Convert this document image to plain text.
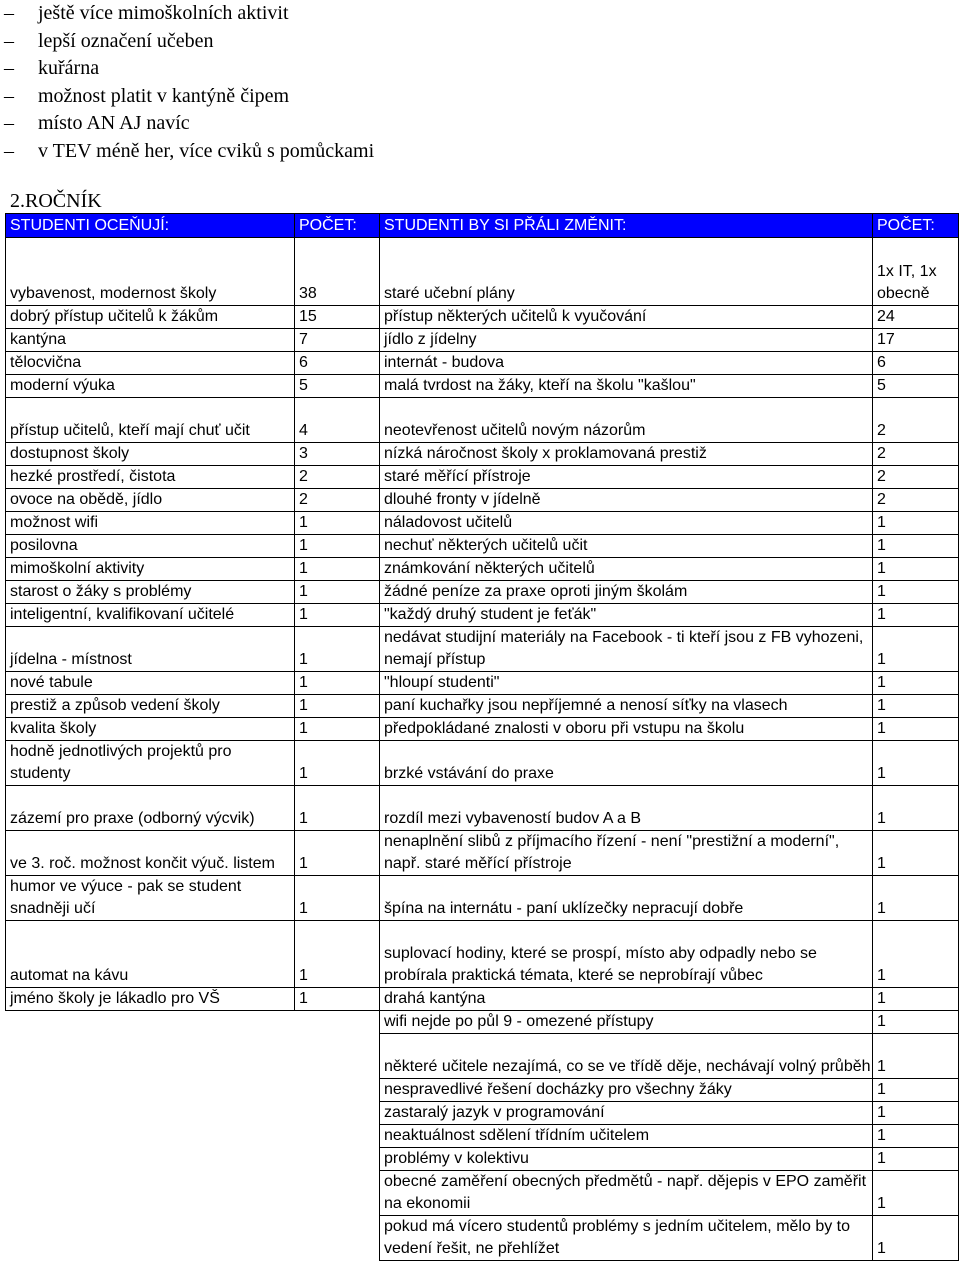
– ještě více mimoškolních aktivit
– lepší označení učeben
– kuřárna
– možnost platit v kantýně čipem
– místo AN AJ navíc
– v TEV méně her, více cviků s pomůckami
2.ROČNÍK
STUDENTI OCEŇUJÍ:	POČET:	STUDENTI BY SI PŘÁLI ZMĚNIT:	POČET:
vybavenost, modernost školy	38	staré učební plány	1x IT, 1x obecně
dobrý přístup učitelů k žákům	15	přístup některých učitelů k vyučování	24
kantýna	7	jídlo z jídelny	17
tělocvična	6	internát - budova	6
moderní výuka	5	malá tvrdost na žáky, kteří na školu "kašlou"	5
přístup učitelů, kteří mají chuť učit	4	neotevřenost učitelů novým názorům	2
dostupnost školy	3	nízká náročnost školy x proklamovaná prestiž	2
hezké prostředí, čistota	2	staré měřící přístroje	2
ovoce na obědě, jídlo	2	dlouhé fronty v jídelně	2
možnost wifi	1	náladovost učitelů	1
posilovna	1	nechuť některých učitelů učit	1
mimoškolní aktivity	1	známkování některých učitelů	1
starost o žáky s problémy	1	žádné peníze za praxe oproti jiným školám	1
inteligentní, kvalifikovaní učitelé	1	"každý druhý student je feťák"	1
jídelna - místnost	1	nedávat studijní materiály na Facebook - ti kteří jsou z FB vyhozeni, nemají přístup	1
nové tabule	1	"hloupí studenti"	1
prestiž a způsob vedení školy	1	paní kuchařky jsou nepříjemné a nenosí síťky na vlasech	1
kvalita školy	1	předpokládané znalosti v oboru při vstupu na školu	1
hodně jednotlivých projektů pro studenty	1	brzké vstávání do praxe	1
zázemí pro praxe (odborný výcvik)	1	rozdíl mezi vybaveností budov A a B	1
ve 3. roč. možnost končit výuč. listem	1	nenaplnění slibů z příjmacího řízení - není "prestižní a moderní", např. staré měřící přístroje	1
humor ve výuce - pak se student snadněji učí	1	špína na internátu - paní uklízečky nepracují dobře	1
automat na kávu	1	suplovací hodiny, které se prospí, místo aby odpadly nebo se probírala praktická témata, které se neprobírají vůbec	1
jméno školy je lákadlo pro VŠ	1	drahá kantýna	1
		wifi nejde po půl 9 - omezené přístupy	1
		některé učitele nezajímá, co se ve třídě děje, nechávají volný průběh	1
		nespravedlivé řešení docházky pro všechny žáky	1
		zastaralý jazyk v programování	1
		neaktuálnost sdělení třídním učitelem	1
		problémy v kolektivu	1
		obecné zaměření obecných předmětů - např. dějepis v EPO zaměřit na ekonomii	1
		pokud má vícero studentů problémy s jedním učitelem, mělo by to vedení řešit, ne přehlížet	1
